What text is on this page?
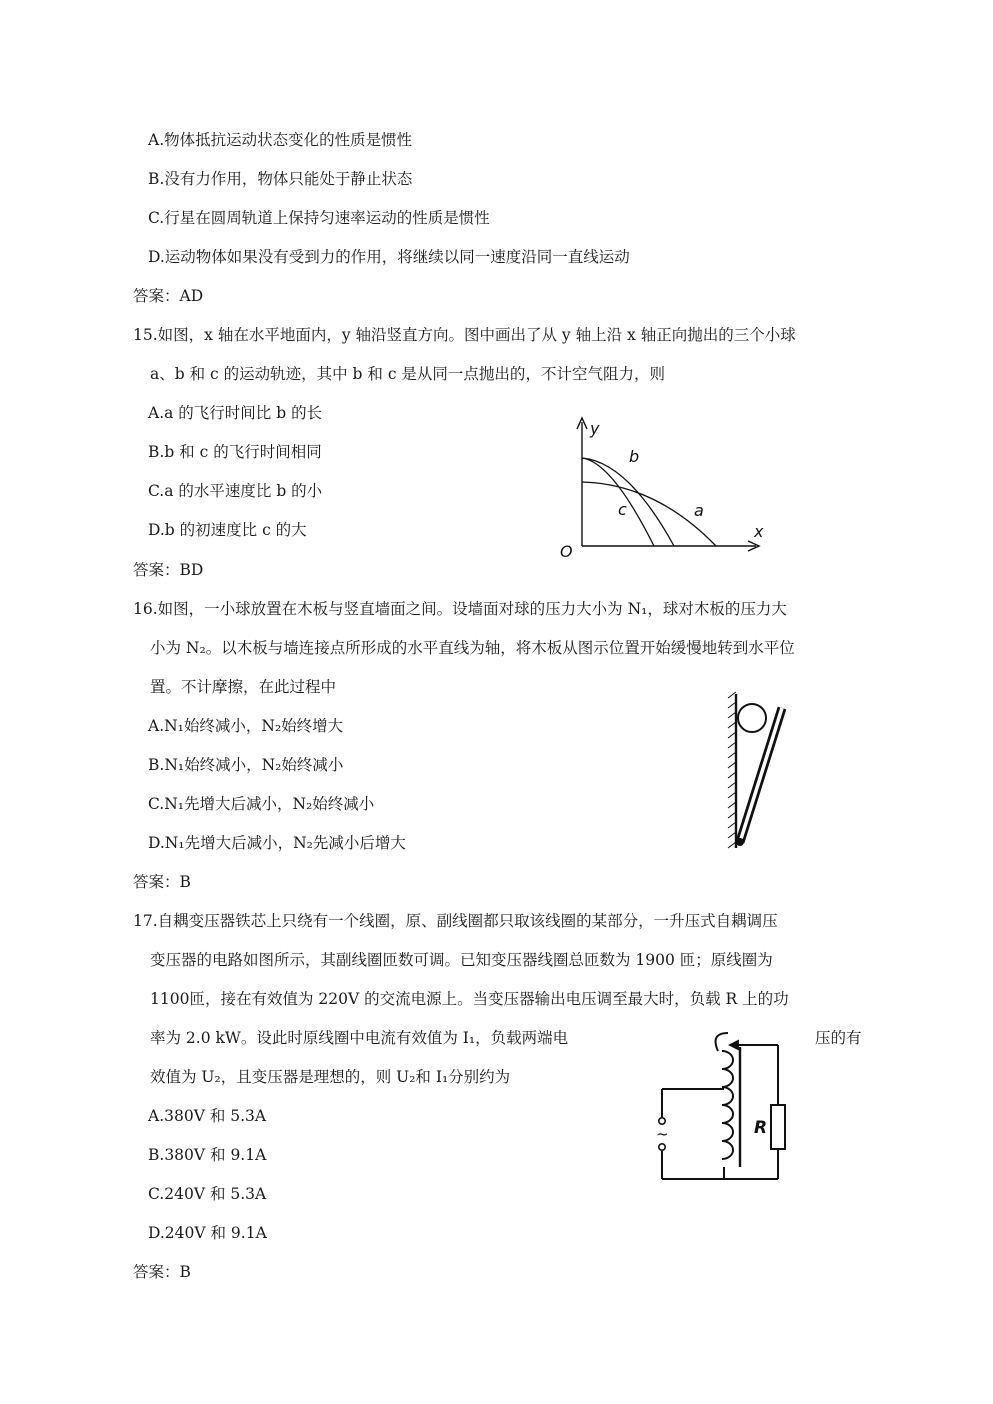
A.物体抵抗运动状态变化的性质是惯性
B.没有力作用，物体只能处于静止状态
C.行星在圆周轨道上保持匀速率运动的性质是惯性
D.运动物体如果没有受到力的作用，将继续以同一速度沿同一直线运动
答案：AD
15.如图，x 轴在水平地面内，y 轴沿竖直方向。图中画出了从 y 轴上沿 x 轴正向抛出的三个小球
a、b 和 c 的运动轨迹，其中 b 和 c 是从同一点抛出的，不计空气阻力，则
A.a 的飞行时间比 b 的长
B.b 和 c 的飞行时间相同
C.a 的水平速度比 b 的小
D.b 的初速度比 c 的大
答案：BD
y
x
O
b
c	a
16.如图，一小球放置在木板与竖直墙面之间。设墙面对球的压力大小为 N₁，球对木板的压力大
小为 N₂。以木板与墙连接点所形成的水平直线为轴，将木板从图示位置开始缓慢地转到水平位
置。不计摩擦，在此过程中
A.N₁始终减小，N₂始终增大
B.N₁始终减小，N₂始终减小
C.N₁先增大后减小，N₂始终减小
D.N₁先增大后减小，N₂先减小后增大
答案：B
17.自耦变压器铁芯上只绕有一个线圈，原、副线圈都只取该线圈的某部分，一升压式自耦调压
变压器的电路如图所示，其副线圈匝数可调。已知变压器线圈总匝数为 1900 匝；原线圈为
1100匝，接在有效值为 220V 的交流电源上。当变压器输出电压调至最大时，负载 R 上的功
率为 2.0 kW。设此时原线圈中电流有效值为 I₁，负载两端电	压的有
效值为 U₂，且变压器是理想的，则 U₂和 I₁分别约为
A.380V 和 5.3A
B.380V 和 9.1A
C.240V 和 5.3A
D.240V 和 9.1A
答案：B
R
~
